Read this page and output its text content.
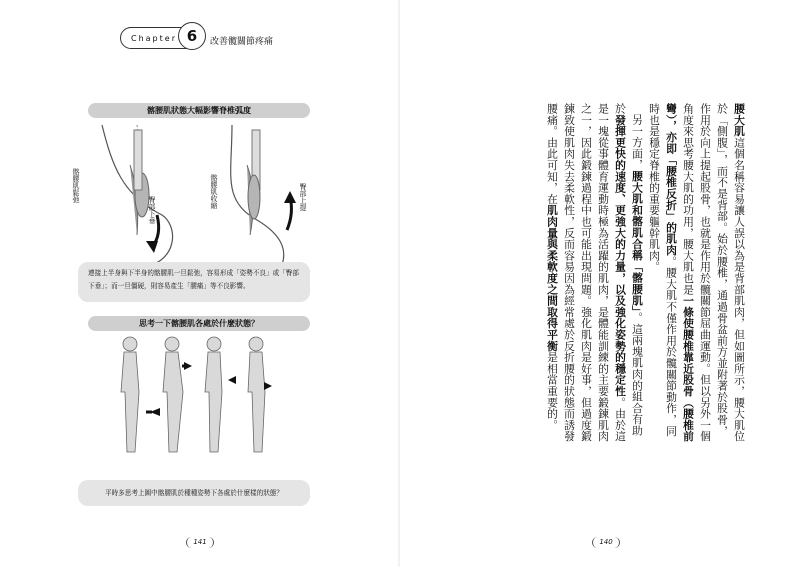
Chapter 6	改善髖關節疼痛
髂腰肌狀態大幅影響脊椎弧度
髂腰肌鬆弛
臀部下垂
髂腰肌收縮	臀部上提
連接上半身與下半身的髂腰肌一旦鬆弛，容易形成「姿勢不良」或「臀部下垂」；而一旦僵硬，則容易產生「腰痛」等不良影響。
思考一下髂腰肌各處於什麼狀態？
平時多思考上圖中髂腰肌於種種姿勢下各處於什麼樣的狀態？
141

腰大肌這個名稱容易讓人誤以為是背部肌肉，但如圖所示，腰大肌位於「側腹」，而不是背部。始於腰椎，通過骨盆前方並附著於股骨，作用於向上提起股骨，也就是作用於髖關節屈曲運動。但以另外一個角度來思考腰大肌的功用，腰大肌也是一條使腰椎靠近股骨（腰椎前彎），亦即「腰椎反折」的肌肉。腰大肌不僅作用於髖關節動作，同時也是穩定脊椎的重要軀幹肌肉。

另一方面，腰大肌和髂肌合稱「髂腰肌」。這兩塊肌肉的組合有助於發揮更快的速度、更強大的力量，以及強化姿勢的穩定性。由於這是一塊從事體育運動時極為活躍的肌肉，是體能訓練的主要鍛鍊肌肉之一，因此鍛鍊過程中也可能出現問題。強化肌肉是好事，但過度鍛鍊致使肌肉失去柔軟性，反而容易因為經常處於反折腰的狀態而誘發腰痛。由此可知，在肌肉量與柔軟度之間取得平衡是相當重要的。

140
